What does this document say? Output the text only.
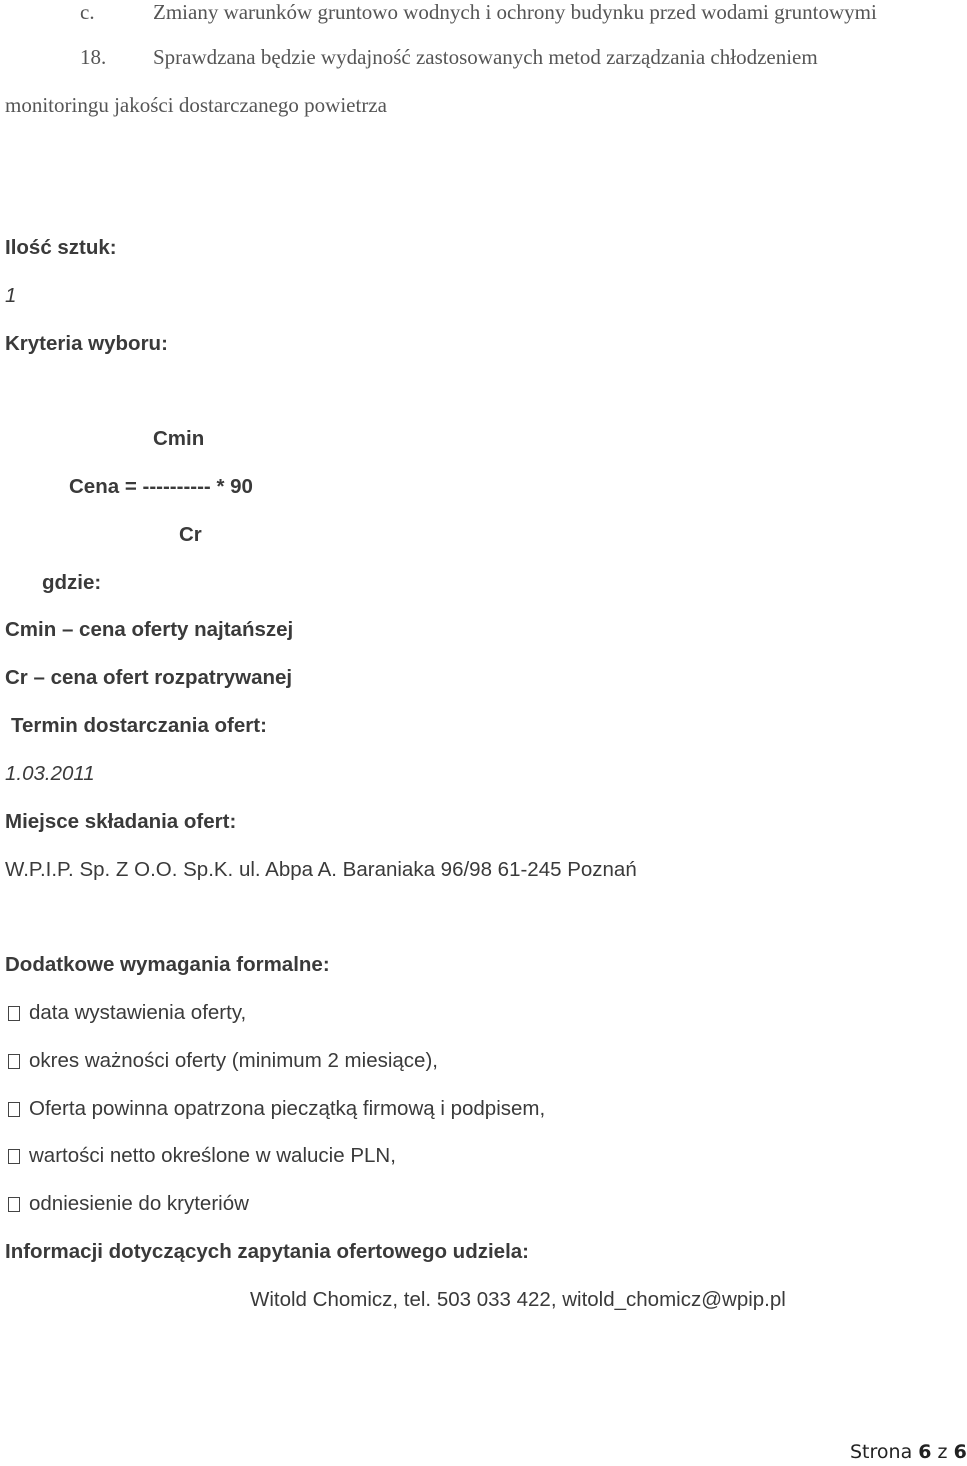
c.	Zmiany warunków gruntowo wodnych i ochrony budynku przed wodami gruntowymi
18. Sprawdzana będzie wydajność zastosowanych metod zarządzania chłodzeniem
monitoringu jakości dostarczanego powietrza
Ilość sztuk:
1
Kryteria wyboru:
Cmin
Cena = ---------- * 90
Cr
gdzie:
Cmin – cena oferty najtańszej
Cr – cena ofert rozpatrywanej
Termin dostarczania ofert:
1.03.2011
Miejsce składania ofert:
W.P.I.P. Sp. Z O.O. Sp.K. ul. Abpa A. Baraniaka 96/98 61-245 Poznań
Dodatkowe wymagania formalne:
data wystawienia oferty,
okres ważności oferty (minimum 2 miesiące),
Oferta powinna opatrzona pieczątką firmową i podpisem,
wartości netto określone w walucie PLN,
odniesienie do kryteriów
Informacji dotyczących zapytania ofertowego udziela:
Witold Chomicz, tel. 503 033 422, witold_chomicz@wpip.pl
Strona 6 z 6
